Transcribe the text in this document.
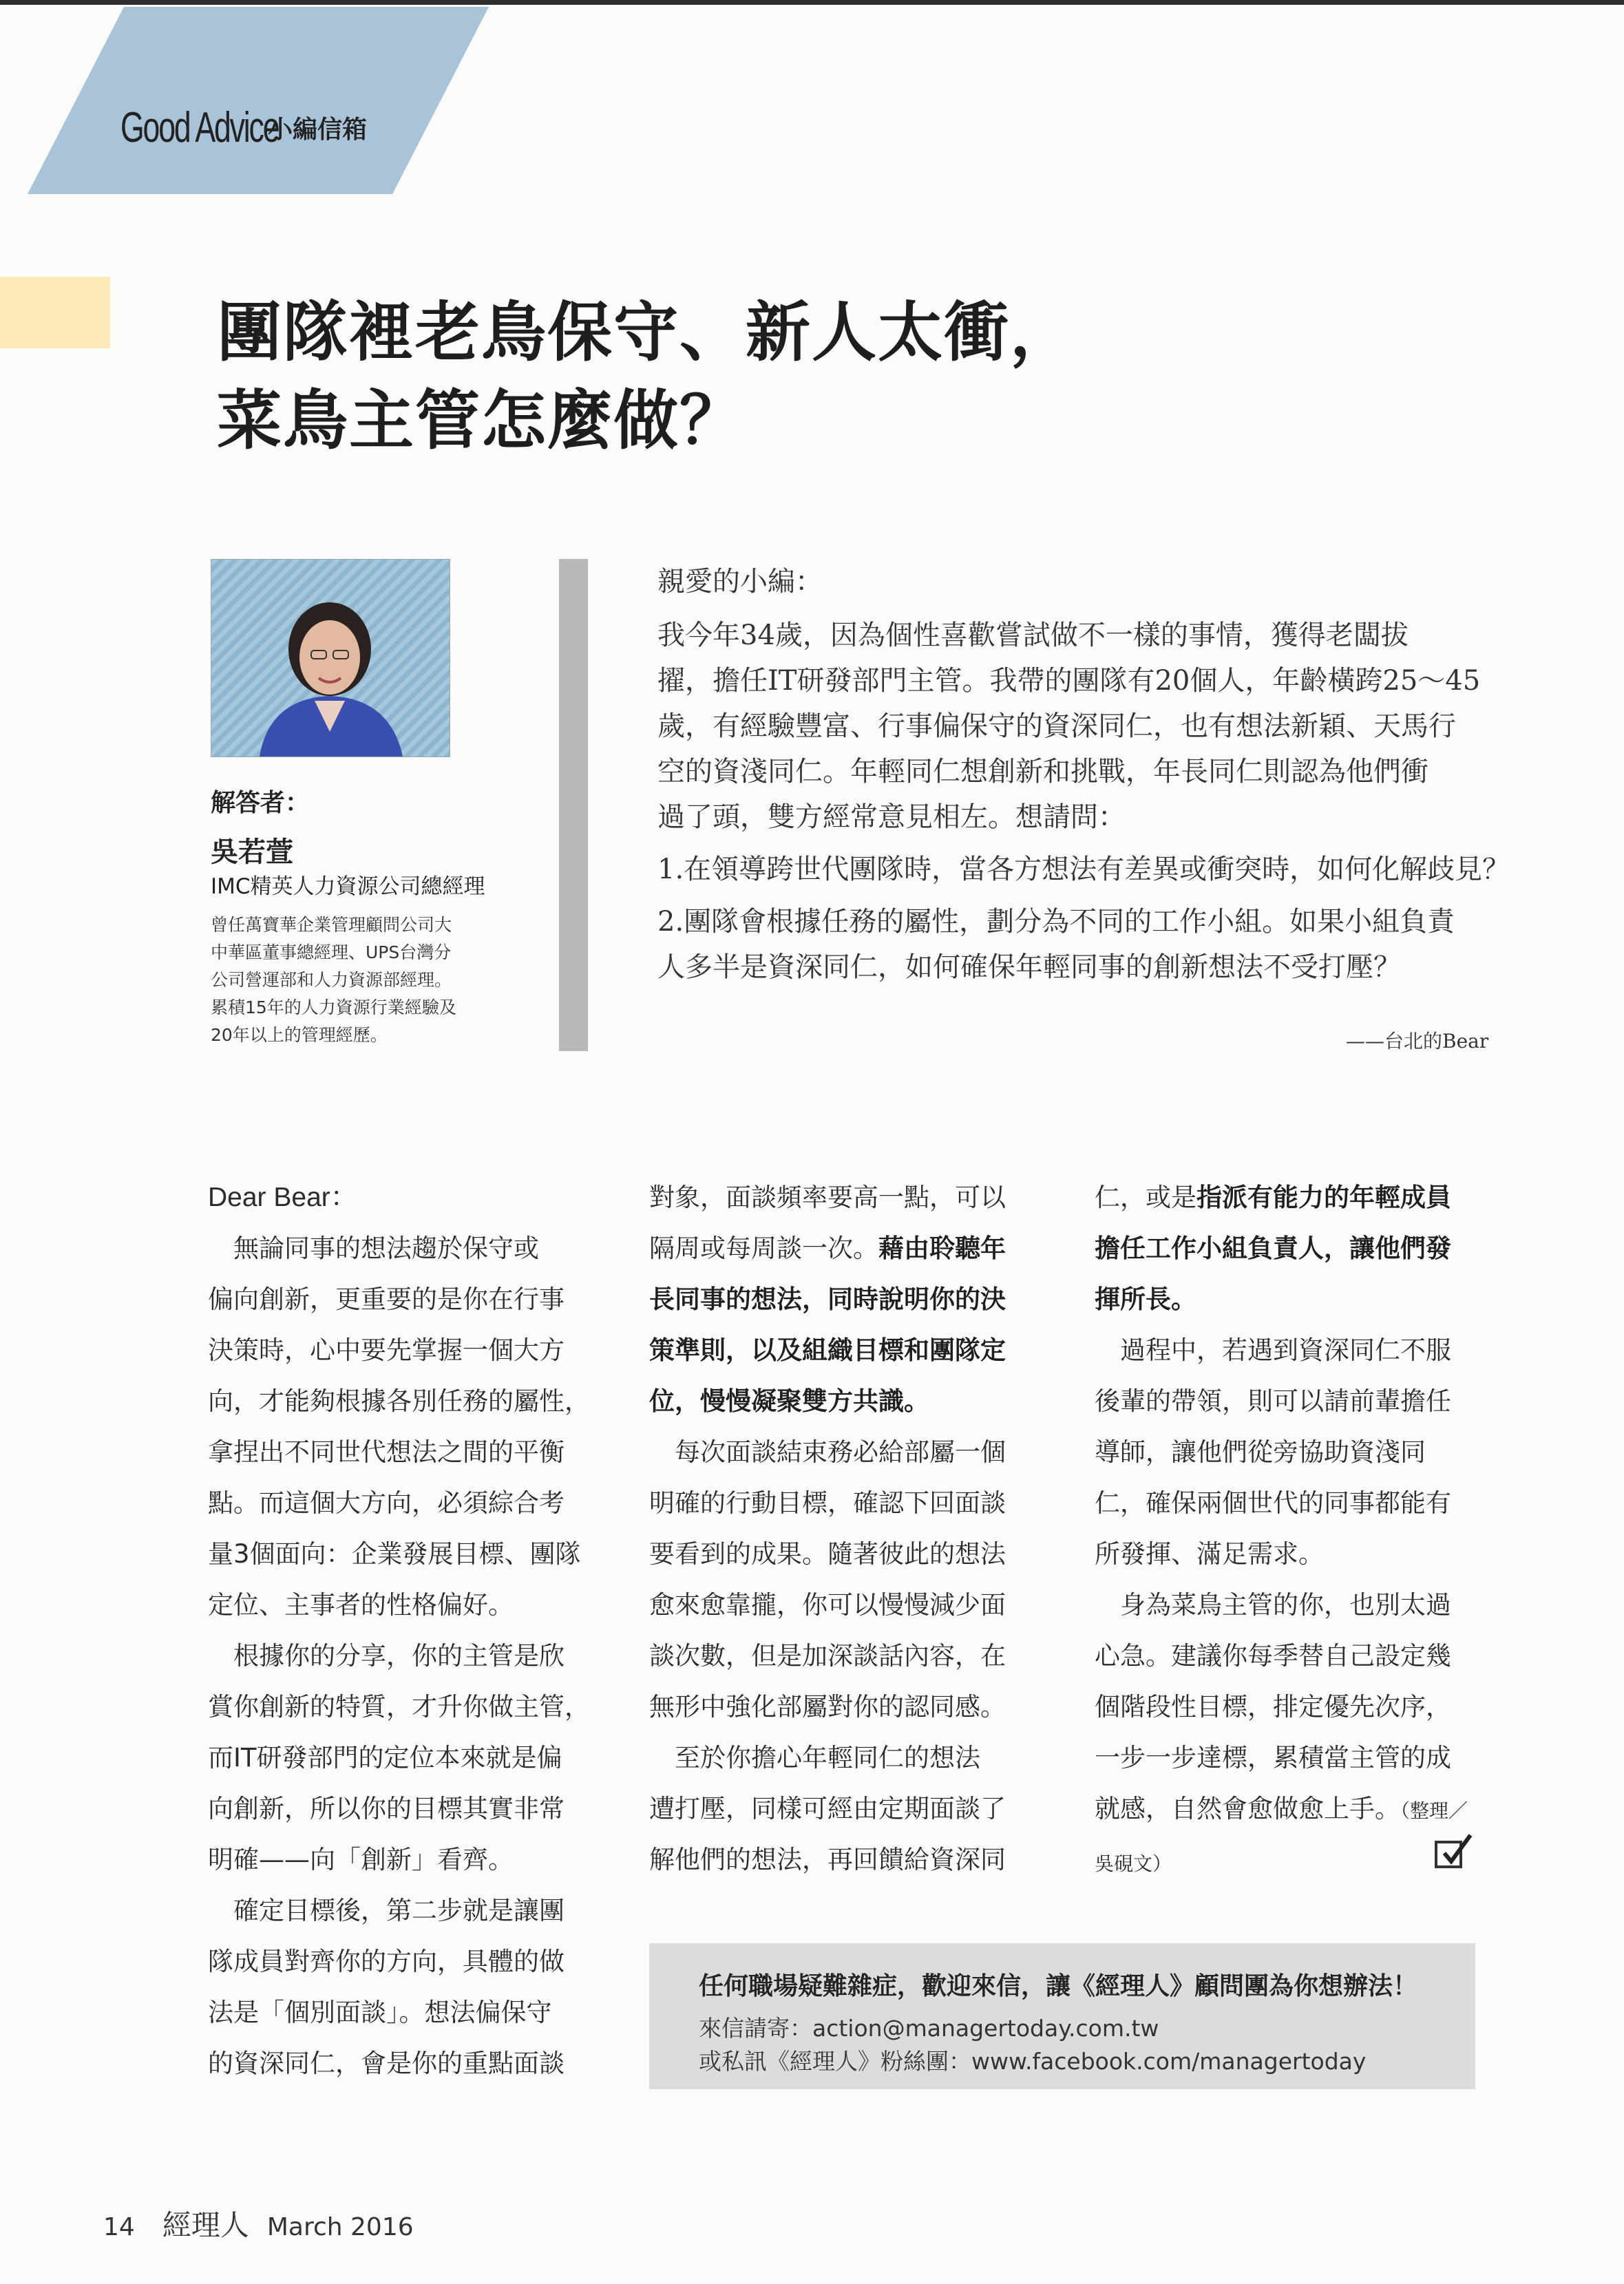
Good Advice小編信箱
團隊裡老鳥保守、新人太衝，
菜鳥主管怎麼做？
解答者：
吳若萱
IMC精英人力資源公司總經理
曾任萬寶華企業管理顧問公司大
中華區董事總經理、UPS台灣分
公司營運部和人力資源部經理。
累積15年的人力資源行業經驗及
20年以上的管理經歷。
親愛的小編：
我今年34歲，因為個性喜歡嘗試做不一樣的事情，獲得老闆拔
擢，擔任IT研發部門主管。我帶的團隊有20個人，年齡橫跨25～45
歲，有經驗豐富、行事偏保守的資深同仁，也有想法新穎、天馬行
空的資淺同仁。年輕同仁想創新和挑戰，年長同仁則認為他們衝
過了頭，雙方經常意見相左。想請問：
1.在領導跨世代團隊時，當各方想法有差異或衝突時，如何化解歧見？
2.團隊會根據任務的屬性，劃分為不同的工作小組。如果小組負責
人多半是資深同仁，如何確保年輕同事的創新想法不受打壓？
——台北的Bear
Dear Bear：
　無論同事的想法趨於保守或
偏向創新，更重要的是你在行事
決策時，心中要先掌握一個大方
向，才能夠根據各別任務的屬性，
拿捏出不同世代想法之間的平衡
點。而這個大方向，必須綜合考
量3個面向：企業發展目標、團隊
定位、主事者的性格偏好。
　根據你的分享，你的主管是欣
賞你創新的特質，才升你做主管，
而IT研發部門的定位本來就是偏
向創新，所以你的目標其實非常
明確——向「創新」看齊。
　確定目標後，第二步就是讓團
隊成員對齊你的方向，具體的做
法是「個別面談」。想法偏保守
的資深同仁，會是你的重點面談
對象，面談頻率要高一點，可以
隔周或每周談一次。藉由聆聽年
長同事的想法，同時說明你的決
策準則，以及組織目標和團隊定
位，慢慢凝聚雙方共識。
　每次面談結束務必給部屬一個
明確的行動目標，確認下回面談
要看到的成果。隨著彼此的想法
愈來愈靠攏，你可以慢慢減少面
談次數，但是加深談話內容，在
無形中強化部屬對你的認同感。
　至於你擔心年輕同仁的想法
遭打壓，同樣可經由定期面談了
解他們的想法，再回饋給資深同
仁，或是指派有能力的年輕成員
擔任工作小組負責人，讓他們發
揮所長。
　過程中，若遇到資深同仁不服
後輩的帶領，則可以請前輩擔任
導師，讓他們從旁協助資淺同
仁，確保兩個世代的同事都能有
所發揮、滿足需求。
　身為菜鳥主管的你，也別太過
心急。建議你每季替自己設定幾
個階段性目標，排定優先次序，
一步一步達標，累積當主管的成
就感，自然會愈做愈上手。（整理／
吳硯文）
任何職場疑難雜症，歡迎來信，讓《經理人》顧問團為你想辦法！
來信請寄：action@managertoday.com.tw
或私訊《經理人》粉絲團：www.facebook.com/managertoday
14 經理人 March 2016
